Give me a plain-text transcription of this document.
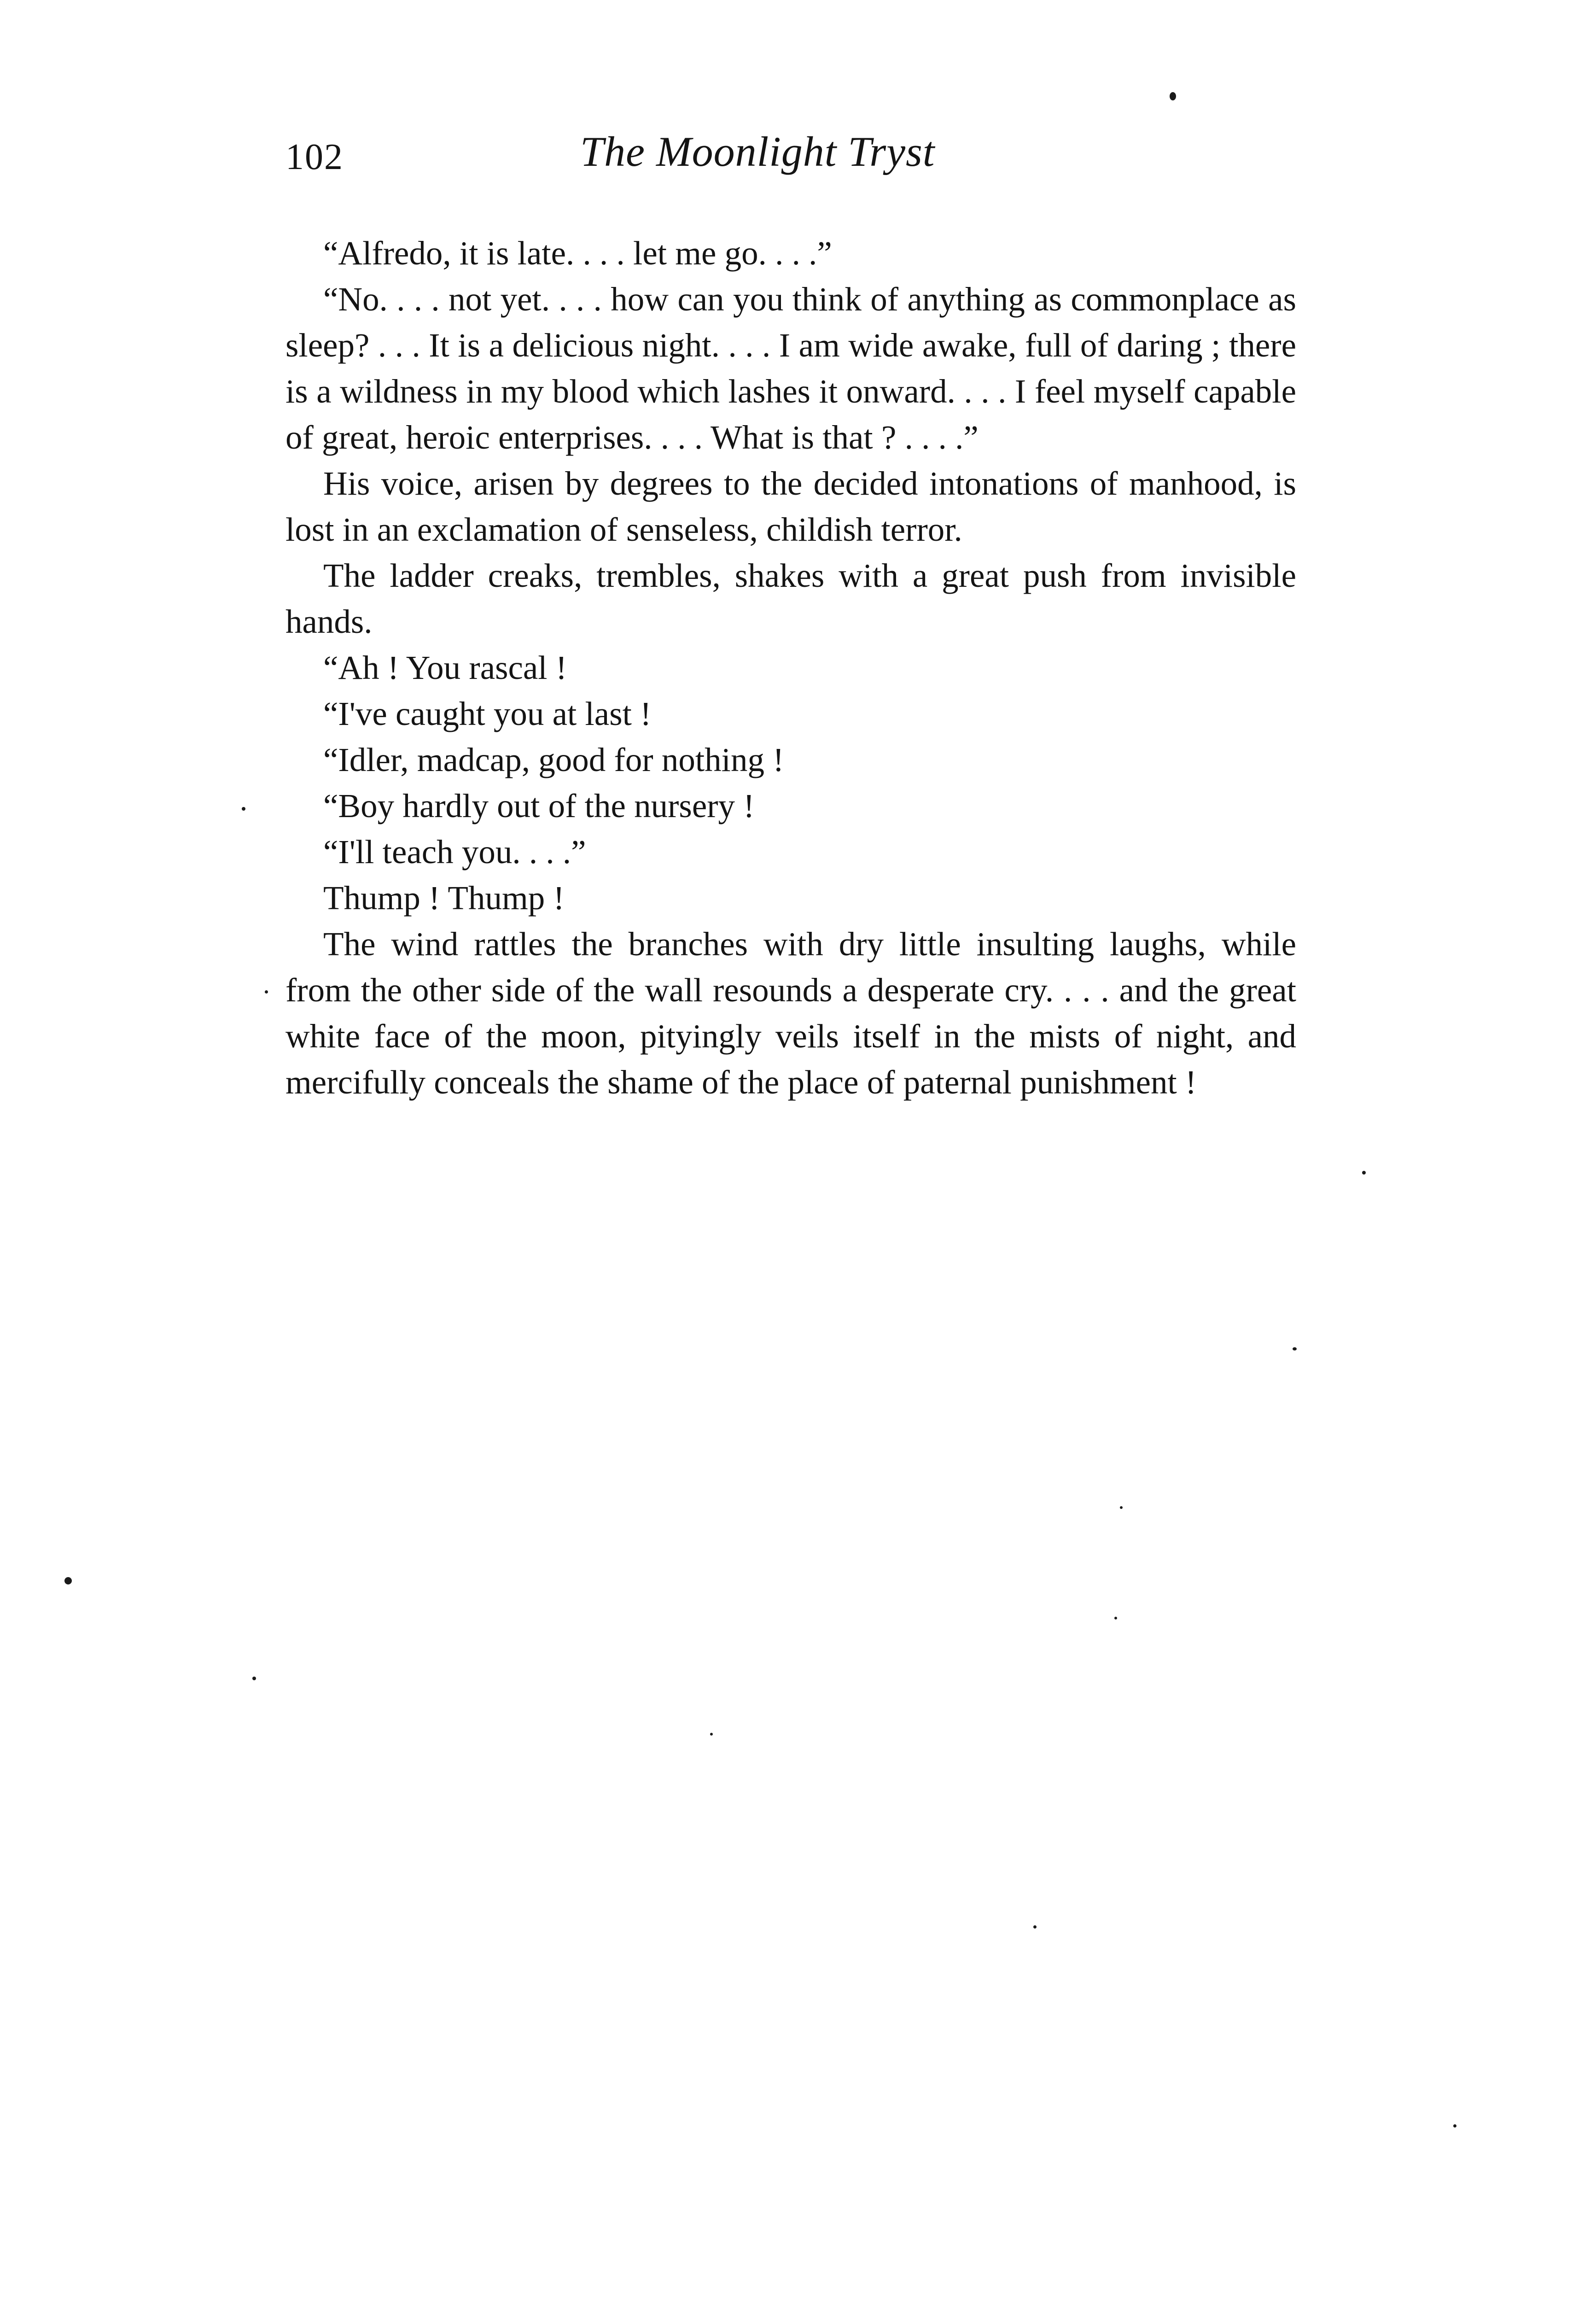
102	The Moonlight Tryst

“Alfredo, it is late. . . . let me go. . . .”

“No. . . . not yet. . . . how can you think of anything as commonplace as sleep? . . . It is a delicious night. . . . I am wide awake, full of daring ; there is a wildness in my blood which lashes it onward. . . . I feel myself capable of great, heroic enterprises. . . . What is that ? . . . .”

His voice, arisen by degrees to the decided intonations of manhood, is lost in an exclamation of senseless, childish terror.

The ladder creaks, trembles, shakes with a great push from invisible hands.

“Ah ! You rascal !

“I've caught you at last !

“Idler, madcap, good for nothing !

“Boy hardly out of the nursery !

“I'll teach you. . . .”

Thump ! Thump !

The wind rattles the branches with dry little insulting laughs, while from the other side of the wall resounds a desperate cry. . . . and the great white face of the moon, pityingly veils itself in the mists of night, and mercifully conceals the shame of the place of paternal punishment !
